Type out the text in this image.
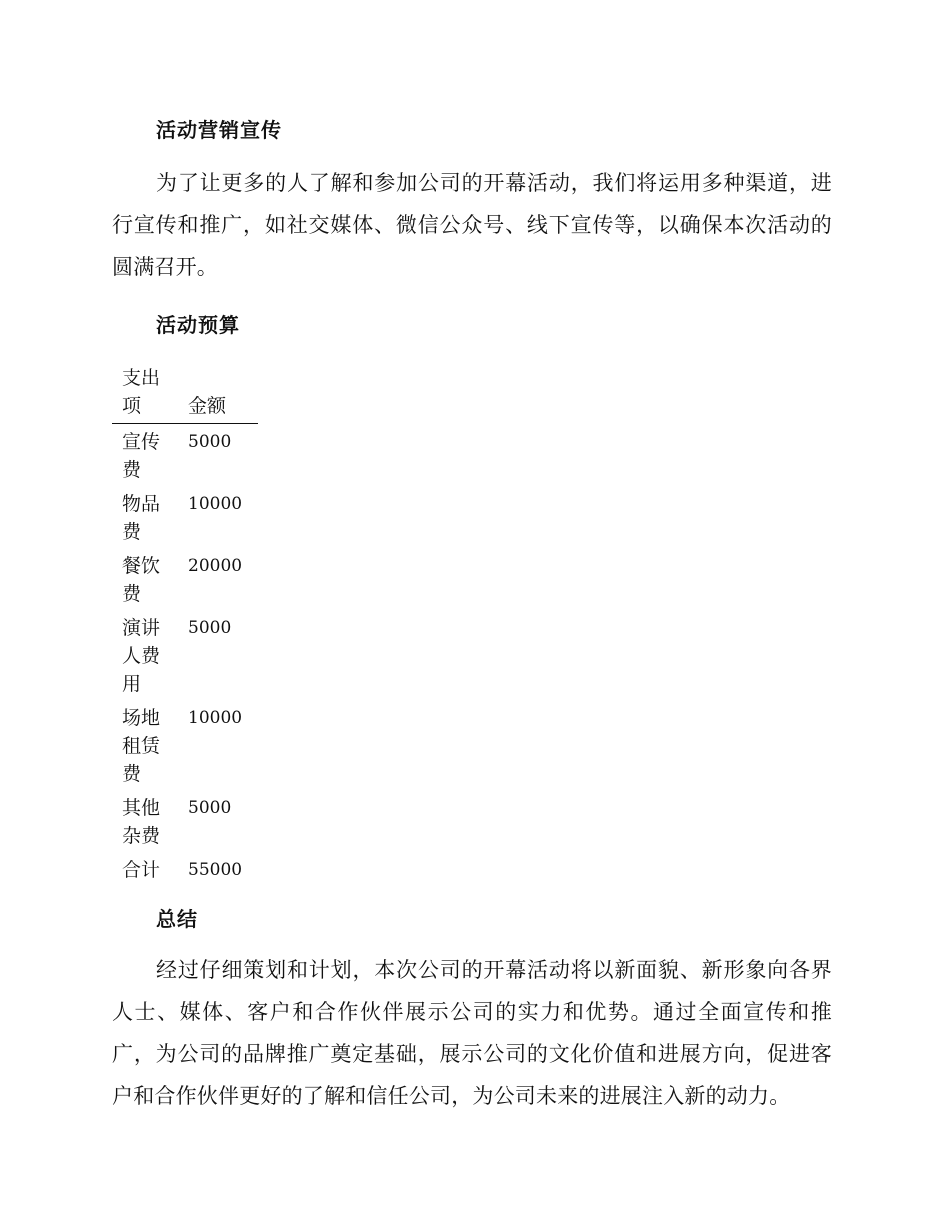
活动营销宣传
为了让更多的人了解和参加公司的开幕活动，我们将运用多种渠道，进行宣传和推广，如社交媒体、微信公众号、线下宣传等，以确保本次活动的圆满召开。
活动预算
支出项	金额
宣传费
5000
物品费
10000
餐饮费
20000
演讲人费用
5000
场地租赁费
10000
其他杂费
5000
合计	55000
总结
经过仔细策划和计划，本次公司的开幕活动将以新面貌、新形象向各界人士、媒体、客户和合作伙伴展示公司的实力和优势。通过全面宣传和推广，为公司的品牌推广奠定基础，展示公司的文化价值和进展方向，促进客户和合作伙伴更好的了解和信任公司，为公司未来的进展注入新的动力。
